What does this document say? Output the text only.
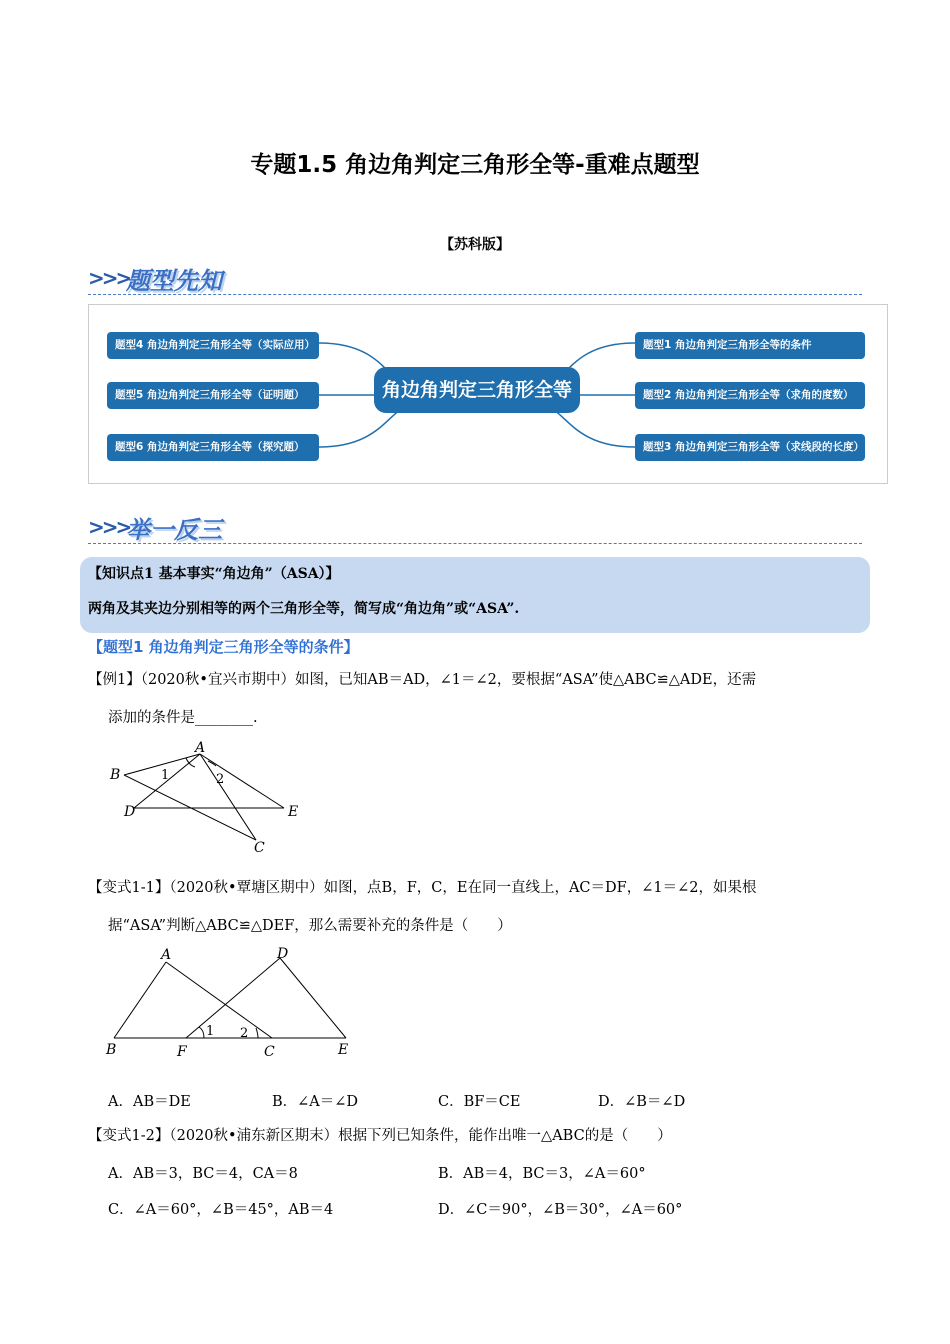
专题1.5 角边角判定三角形全等-重难点题型
【苏科版】
>>>
题型先知
题型4 角边角判定三角形全等（实际应用）
题型5 角边角判定三角形全等（证明题）
题型6 角边角判定三角形全等（探究题）
角边角判定三角形全等
题型1 角边角判定三角形全等的条件
题型2 角边角判定三角形全等（求角的度数）
题型3 角边角判定三角形全等（求线段的长度）
>>>
举一反三
【知识点1 基本事实“角边角”（ASA）】
两角及其夹边分别相等的两个三角形全等，简写成“角边角”或“ASA”.
【题型1 角边角判定三角形全等的条件】
【例1】（2020秋•宜兴市期中）如图，已知AB＝AD，∠1＝∠2，要根据“ASA”使△ABC≌△ADE，还需
添加的条件是________.
A
B
C
D	E
1	2
【变式1-1】（2020秋•覃塘区期中）如图，点B，F，C，E在同一直线上，AC＝DF，∠1＝∠2，如果根
据“ASA”判断△ABC≌△DEF，那么需要补充的条件是（　　）
A
B	C
D
E
F
1 2
A．AB＝DE	B．∠A＝∠D	C．BF＝CE	D．∠B＝∠D
【变式1-2】（2020秋•浦东新区期末）根据下列已知条件，能作出唯一△ABC的是（　　）
A．AB＝3，BC＝4，CA＝8	B．AB＝4，BC＝3，∠A＝60°
C．∠A＝60°，∠B＝45°，AB＝4	D．∠C＝90°，∠B＝30°，∠A＝60°
